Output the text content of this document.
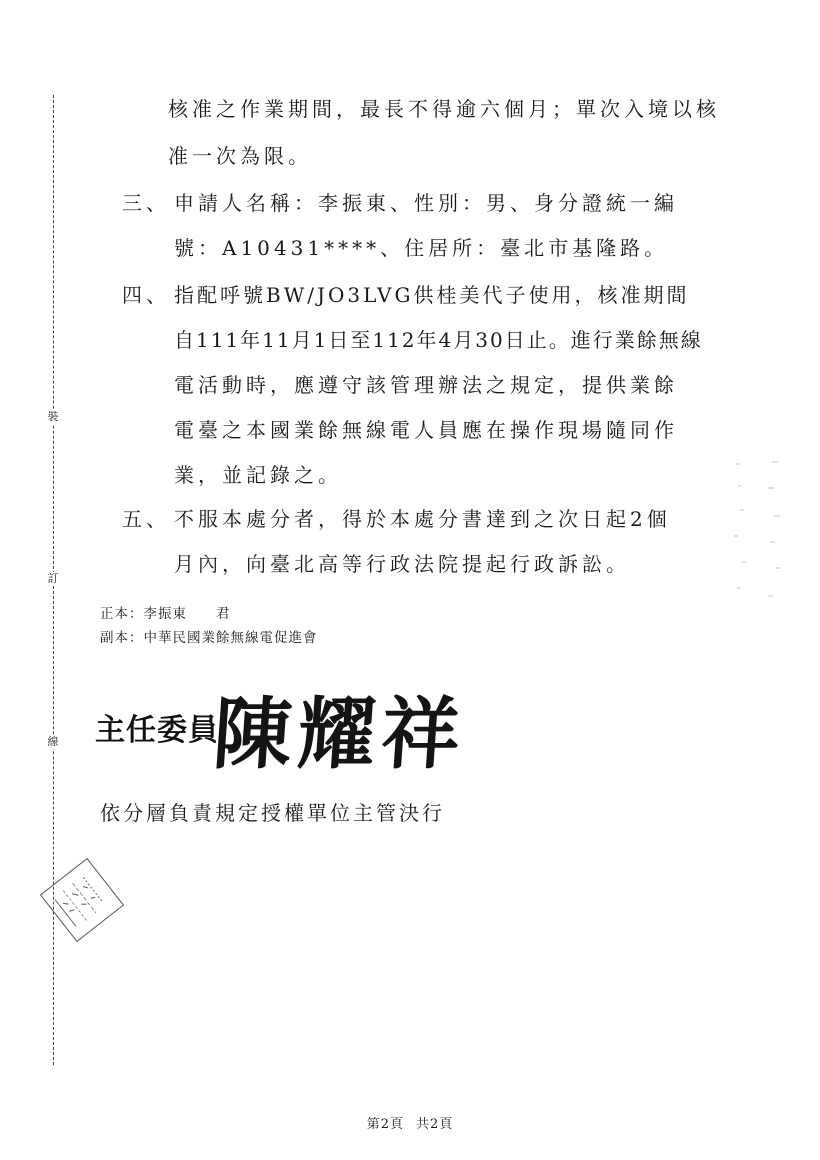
裝
訂
線
核准之作業期間，最長不得逾六個月；單次入境以核
准一次為限。
三、 申請人名稱：李振東、性別：男、身分證統一編
號：A10431****、住居所：臺北市基隆路。
四、 指配呼號BW/JO3LVG供桂美代子使用，核准期間
自111年11月1日至112年4月30日止。進行業餘無線
電活動時，應遵守該管理辦法之規定，提供業餘
電臺之本國業餘無線電人員應在操作現場隨同作
業，並記錄之。
五、 不服本處分者，得於本處分書達到之次日起2個
月內，向臺北高等行政法院提起行政訴訟。
正本：李振東　　君
副本：中華民國業餘無線電促進會
主任委員
陳耀祥
依分層負責規定授權單位主管決行
第2頁 共2頁
